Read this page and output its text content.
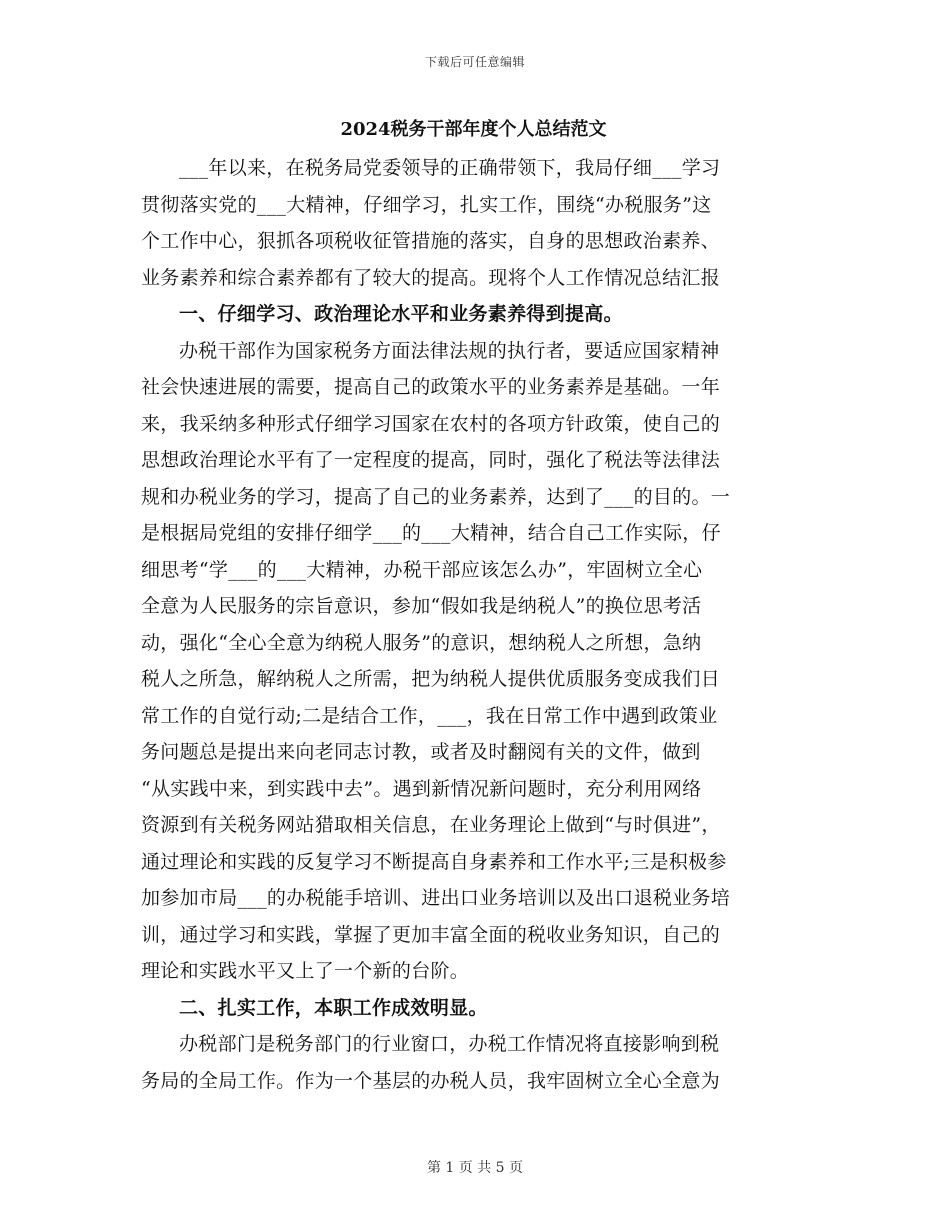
下载后可任意编辑
2024税务干部年度个人总结范文

___年以来，在税务局党委领导的正确带领下，我局仔细___学习
贯彻落实党的___大精神，仔细学习，扎实工作，围绕“办税服务”这
个工作中心，狠抓各项税收征管措施的落实，自身的思想政治素养、
业务素养和综合素养都有了较大的提高。现将个人工作情况总结汇报

一、仔细学习、政治理论水平和业务素养得到提高。

办税干部作为国家税务方面法律法规的执行者，要适应国家精神
社会快速进展的需要，提高自己的政策水平的业务素养是基础。一年
来，我采纳多种形式仔细学习国家在农村的各项方针政策，使自己的
思想政治理论水平有了一定程度的提高，同时，强化了税法等法律法
规和办税业务的学习，提高了自己的业务素养，达到了___的目的。一
是根据局党组的安排仔细学___的___大精神，结合自己工作实际，仔
细思考“学___的___大精神，办税干部应该怎么办”，牢固树立全心
全意为人民服务的宗旨意识，参加“假如我是纳税人”的换位思考活
动，强化“全心全意为纳税人服务”的意识，想纳税人之所想，急纳
税人之所急，解纳税人之所需，把为纳税人提供优质服务变成我们日
常工作的自觉行动;二是结合工作，___，我在日常工作中遇到政策业
务问题总是提出来向老同志讨教，或者及时翻阅有关的文件，做到
“从实践中来，到实践中去”。遇到新情况新问题时，充分利用网络
资源到有关税务网站猎取相关信息，在业务理论上做到“与时俱进”，
通过理论和实践的反复学习不断提高自身素养和工作水平;三是积极参
加参加市局___的办税能手培训、进出口业务培训以及出口退税业务培
训，通过学习和实践，掌握了更加丰富全面的税收业务知识，自己的
理论和实践水平又上了一个新的台阶。

二、扎实工作，本职工作成效明显。

办税部门是税务部门的行业窗口，办税工作情况将直接影响到税
务局的全局工作。作为一个基层的办税人员，我牢固树立全心全意为

第 1 页 共 5 页
